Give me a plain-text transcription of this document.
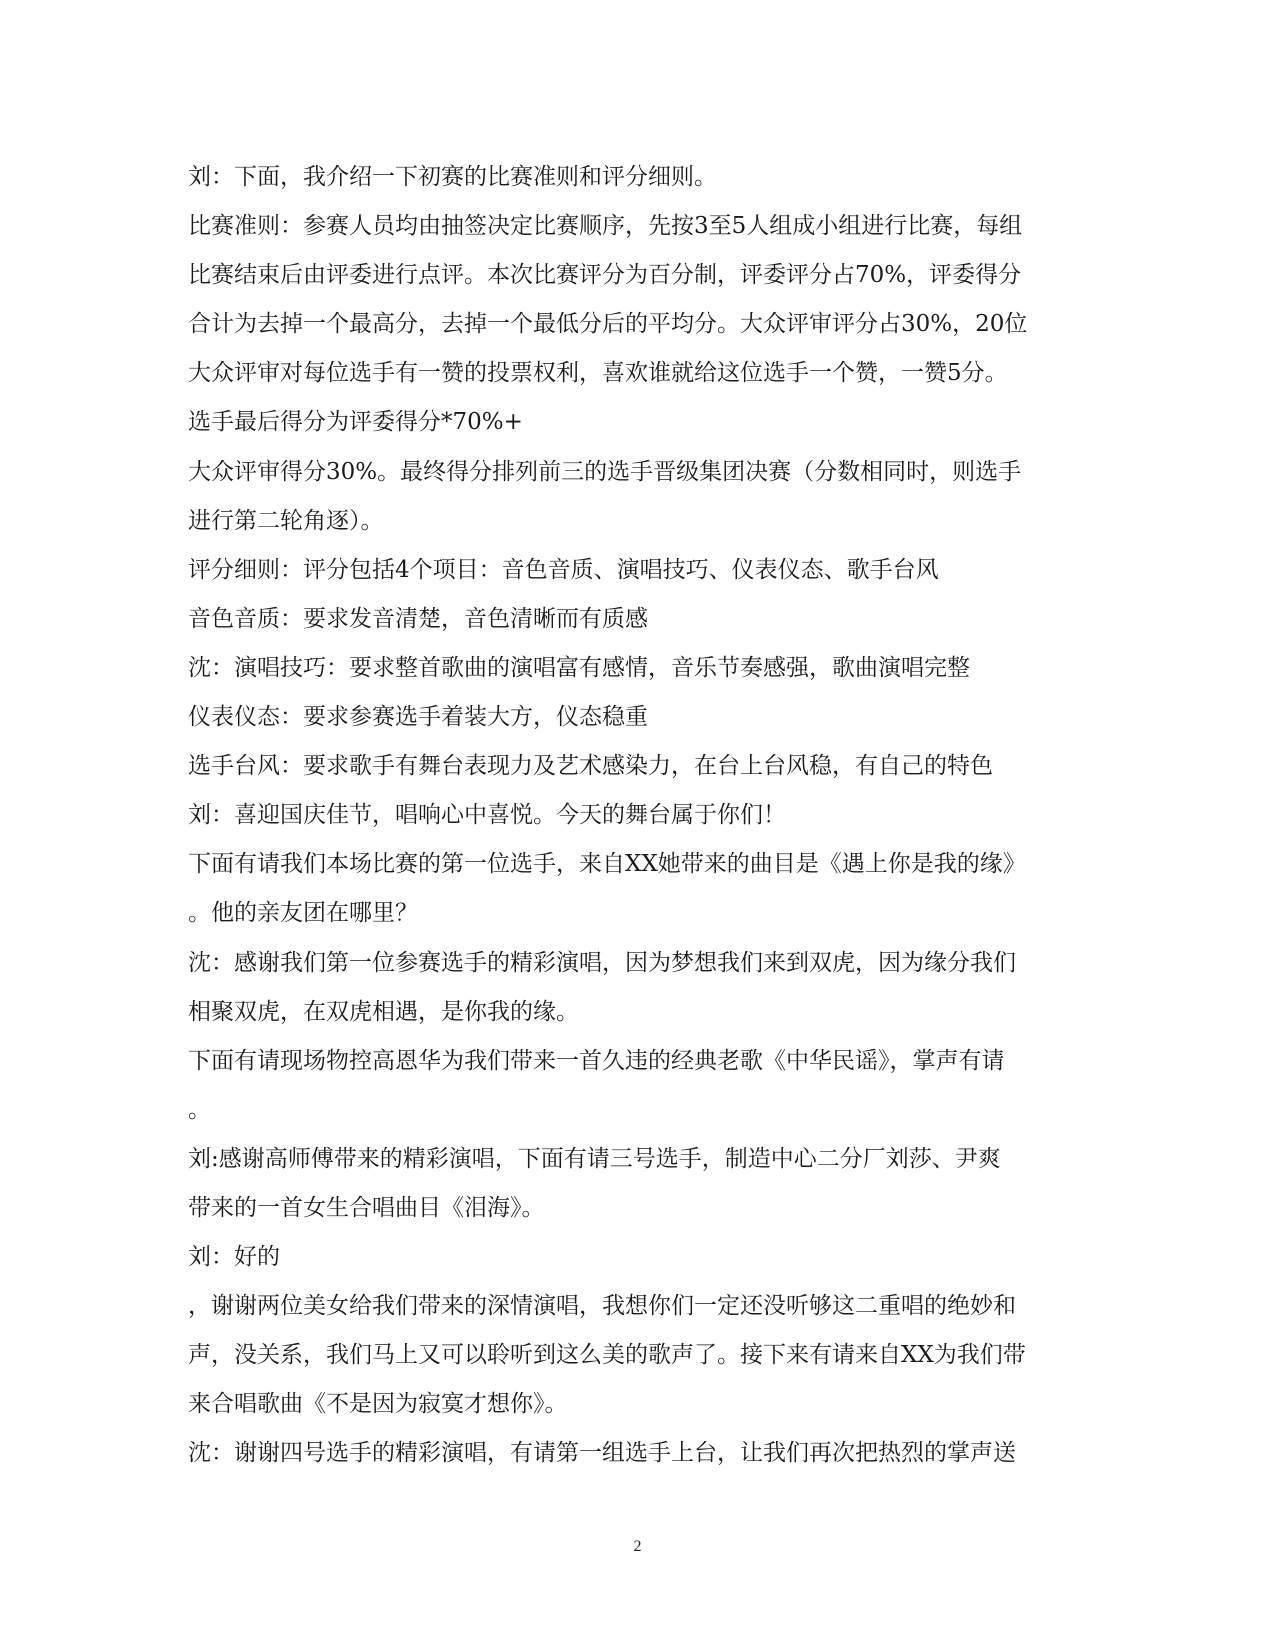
刘：下面，我介绍一下初赛的比赛准则和评分细则。
比赛准则：参赛人员均由抽签决定比赛顺序，先按3至5人组成小组进行比赛，每组
比赛结束后由评委进行点评。本次比赛评分为百分制，评委评分占70%，评委得分
合计为去掉一个最高分，去掉一个最低分后的平均分。大众评审评分占30%，20位
大众评审对每位选手有一赞的投票权利，喜欢谁就给这位选手一个赞，一赞5分。
选手最后得分为评委得分*70%+
大众评审得分30%。最终得分排列前三的选手晋级集团决赛（分数相同时，则选手
进行第二轮角逐）。
评分细则：评分包括4个项目：音色音质、演唱技巧、仪表仪态、歌手台风
音色音质：要求发音清楚，音色清晰而有质感
沈：演唱技巧：要求整首歌曲的演唱富有感情，音乐节奏感强，歌曲演唱完整
仪表仪态：要求参赛选手着装大方，仪态稳重
选手台风：要求歌手有舞台表现力及艺术感染力，在台上台风稳，有自己的特色
刘：喜迎国庆佳节，唱响心中喜悦。今天的舞台属于你们！
下面有请我们本场比赛的第一位选手，来自XX她带来的曲目是《遇上你是我的缘》
。他的亲友团在哪里？
沈：感谢我们第一位参赛选手的精彩演唱，因为梦想我们来到双虎，因为缘分我们
相聚双虎，在双虎相遇，是你我的缘。
下面有请现场物控高恩华为我们带来一首久违的经典老歌《中华民谣》，掌声有请
。
刘:感谢高师傅带来的精彩演唱，下面有请三号选手，制造中心二分厂刘莎、尹爽
带来的一首女生合唱曲目《泪海》。
刘：好的
，谢谢两位美女给我们带来的深情演唱，我想你们一定还没听够这二重唱的绝妙和
声，没关系，我们马上又可以聆听到这么美的歌声了。接下来有请来自XX为我们带
来合唱歌曲《不是因为寂寞才想你》。
沈：谢谢四号选手的精彩演唱，有请第一组选手上台，让我们再次把热烈的掌声送
2
